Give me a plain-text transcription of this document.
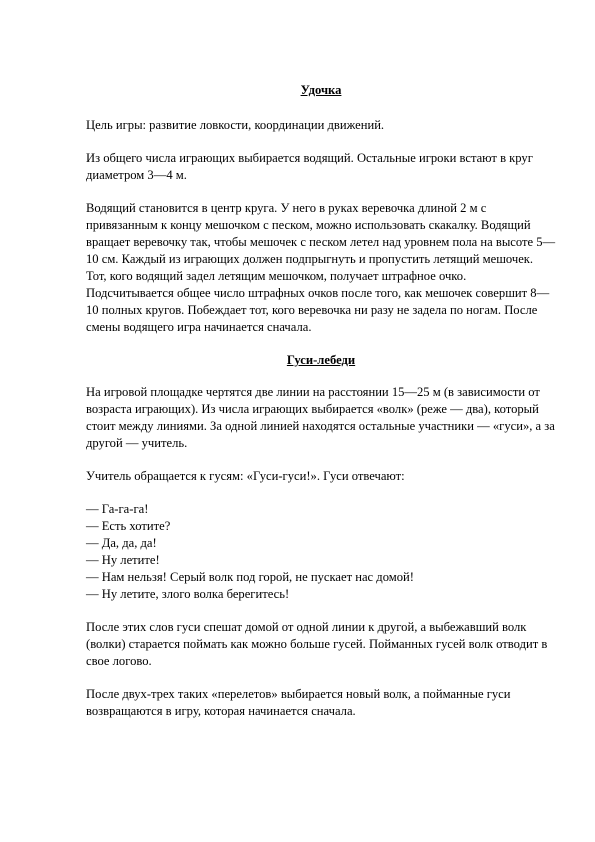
Удочка

Цель игры: развитие ловкости, координации движений.

Из общего числа играющих выбирается водящий. Остальные игроки встают в круг диаметром 3—4 м.

Водящий становится в центр круга. У него в руках веревочка длиной 2 м с привязанным к концу мешочком с песком, можно использовать скакалку. Водящий вращает веревочку так, чтобы мешочек с песком летел над уровнем пола на высоте 5—10 см. Каждый из играющих должен подпрыгнуть и пропустить летящий мешочек. Тот, кого водящий задел летящим мешочком, получает штрафное очко. Подсчитывается общее число штрафных очков после того, как мешочек совершит 8—10 полных кругов. Побеждает тот, кого веревочка ни разу не задела по ногам. После смены водящего игра начинается сначала.

Гуси-лебеди

На игровой площадке чертятся две линии на расстоянии 15—25 м (в зависимости от возраста играющих). Из числа играющих выбирается «волк» (реже — два), который стоит между линиями. За одной линией находятся остальные участники — «гуси», а за другой — учитель.

Учитель обращается к гусям: «Гуси-гуси!». Гуси отвечают:

— Га-га-га!
— Есть хотите?
— Да, да, да!
— Ну летите!
— Нам нельзя! Серый волк под горой, не пускает нас домой!
— Ну летите, злого волка берегитесь!

После этих слов гуси спешат домой от одной линии к другой, а выбежавший волк (волки) старается поймать как можно больше гусей. Пойманных гусей волк отводит в свое логово.

После двух-трех таких «перелетов» выбирается новый волк, а пойманные гуси возвращаются в игру, которая начинается сначала.
